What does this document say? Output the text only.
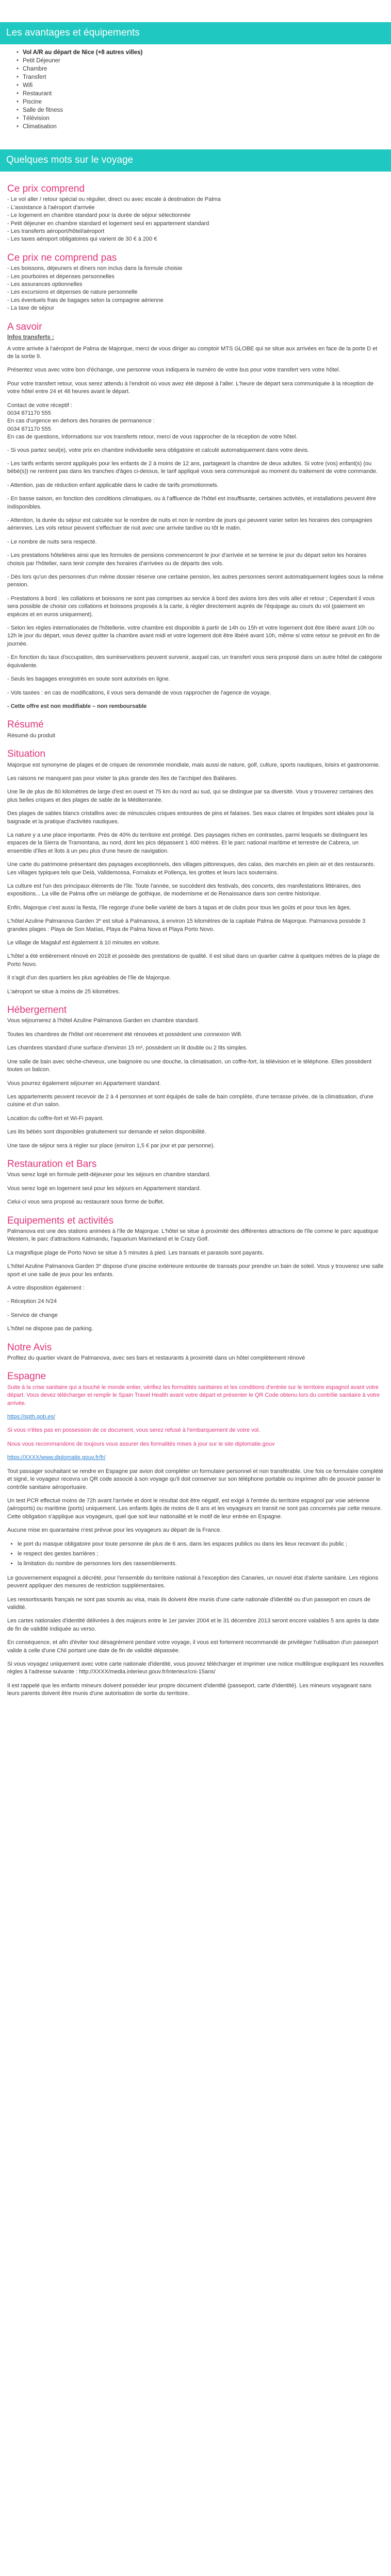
Les avantages et équipements
• Vol A/R au départ de Nice (+8 autres villes)
• Petit Déjeuner
• Chambre
• Transfert
• Wifi
• Restaurant
• Piscine
• Salle de fitness
• Télévision
• Climatisation
Quelques mots sur le voyage
Ce prix comprend
- Le vol aller / retour spécial ou régulier, direct ou avec escale à destination de Palma
- L'assistance à l'aéroport d'arrivée
- Le logement en chambre standard pour la durée de séjour sélectionnée
- Petit déjeuner en chambre standard et logement seul en appartement standard
- Les transferts aéroport/hôtel/aéroport
- Les taxes aéroport obligatoires qui varient de 30 € à 200 €
Ce prix ne comprend pas
- Les boissons, déjeuners et dîners non inclus dans la formule choisie
- Les pourboires et dépenses personnelles
- Les assurances optionnelles
- Les excursions et dépenses de nature personnelle
- Les éventuels frais de bagages selon la compagnie aérienne
- La taxe de séjour
A savoir
Infos transferts :

A votre arrivée à l'aéroport de Palma de Majorque, merci de vous diriger au comptoir MTS GLOBE qui se situe aux arrivées en face de la porte D et de la sortie 9.

Présentez vous avec votre bon d'échange, une personne vous indiquera le numéro de votre bus pour votre transfert vers votre hôtel.

Pour votre transfert retour, vous serez attendu à l'endroit où vous avez été déposé à l'aller. L'heure de départ sera communiquée à la réception de votre hôtel entre 24 et 48 heures avant le départ.

Contact de votre réceptif :
0034 871170 555
En cas d'urgence en dehors des horaires de permanence :
0034 871170 555
En cas de questions, informations sur vos transferts retour, merci de vous rapprocher de la réception de votre hôtel.

- Si vous partez seul(e), votre prix en chambre individuelle sera obligatoire et calculé automatiquement dans votre devis.

- Les tarifs enfants seront appliqués pour les enfants de 2 à moins de 12 ans, partageant la chambre de deux adultes. Si votre (vos) enfant(s) (ou bébé(s)) ne rentrent pas dans les tranches d'âges ci-dessus, le tarif appliqué vous sera communiqué au moment du traitement de votre commande.

- Attention, pas de réduction enfant applicable dans le cadre de tarifs promotionnels.

- En basse saison, en fonction des conditions climatiques, ou à l'affluence de l'hôtel est insuffisante, certaines activités, et installations peuvent être indisponibles.

- Attention, la durée du séjour est calculée sur le nombre de nuits et non le nombre de jours qui peuvent varier selon les horaires des compagnies aériennes. Les vols retour peuvent s'effectuer de nuit avec une arrivée tardive ou tôt le matin.

- Le nombre de nuits sera respecté.

- Les prestations hôtelières ainsi que les formules de pensions commenceront le jour d'arrivée et se termine le jour du départ selon les horaires choisis par l'hôtelier, sans tenir compte des horaires d'arrivées ou de départs des vols.

- Dès lors qu'un des personnes d'un même dossier réserve une certaine pension, les autres personnes seront automatiquement logées sous la même pension.

- Prestations à bord : les collations et boissons ne sont pas comprises au service à bord des avions lors des vols aller et retour ; Cependant il vous sera possible de choisir ces collations et boissons proposés à la carte, à régler directement auprès de l'équipage au cours du vol (paiement en espèces et en euros uniquement).

- Selon les règles internationales de l'hôtellerie, votre chambre est disponible à partir de 14h ou 15h et votre logement doit être libéré avant 10h ou 12h le jour du départ, vous devez quitter la chambre avant midi et votre logement doit être libéré avant 10h, même si votre retour se prévoit en fin de journée.

- En fonction du taux d'occupation, des surréservations peuvent survenir, auquel cas, un transfert vous sera proposé dans un autre hôtel de catégorie équivalente.

- Seuls les bagages enregistrés en soute sont autorisés en ligne.

- Vols taxées : en cas de modifications, il vous sera demandé de vous rapprocher de l'agence de voyage.

- Cette offre est non modifiable – non remboursable

Résumé

Résumé du produit

Situation

Majorque est synonyme de plages et de criques de renommée mondiale, mais aussi de nature, golf, culture, sports nautiques, loisirs et gastronomie.

Les raisons ne manquent pas pour visiter la plus grande des îles de l'archipel des Baléares.

Une île de plus de 80 kilomètres de large d'est en ouest et 75 km du nord au sud, qui se distingue par sa diversité. Vous y trouverez certaines des plus belles criques et des plages de sable de la Méditerranée.

Des plages de sables blancs cristallins avec de minuscules criques entourées de pins et falaises. Ses eaux claires et limpides sont idéales pour la baignade et la pratique d'activités nautiques.

La nature y a une place importante. Près de 40% du territoire est protégé. Des paysages riches en contrastes, parmi lesquels se distinguent les espaces de la Sierra de Tramontana, au nord, dont les pics dépassent 1 400 mètres. Et le parc national maritime et terrestre de Cabrera, un ensemble d'îles et îlots à un peu plus d'une heure de navigation.

Une carte du patrimoine présentant des paysages exceptionnels, des villages pittoresques, des calas, des marchés en plein air et des restaurants. Les villages typiques tels que Deià, Valldemossa, Fornalutx et Pollença, les grottes et leurs lacs souterrains.

La culture est l'un des principaux éléments de l'île. Toute l'année, se succèdent des festivals, des concerts, des manifestations littéraires, des expositions... La ville de Palma offre un mélange de gothique, de modernisme et de Renaissance dans son centre historique.

Enfin, Majorque c'est aussi la fiesta, l'île regorge d'une belle variété de bars à tapas et de clubs pour tous les goûts et pour tous les âges.

L'hôtel Azuline Palmanova Garden 3* est situé à Palmanova, à environ 15 kilomètres de la capitale Palma de Majorque. Palmanova possède 3 grandes plages : Playa de Son Matías, Playa de Palma Nova et Playa Porto Novo.

Le village de Magaluf est également à 10 minutes en voiture.

L'hôtel a été entièrement rénové en 2018 et possède des prestations de qualité. Il est situé dans un quartier calme à quelques mètres de la plage de Porto Novo.

Il s'agit d'un des quartiers les plus agréables de l'île de Majorque.

L'aéroport se situe à moins de 25 kilomètres.

Hébergement

Vous séjournerez à l'hôtel Azuline Palmanova Garden en chambre standard.

Toutes les chambres de l'hôtel ont récemment été rénovées et possèdent une connexion Wifi.

Les chambres standard d'une surface d'environ 15 m², possèdent un lit double ou 2 lits simples.

Une salle de bain avec sèche-cheveux, une baignoire ou une douche, la climatisation, un coffre-fort, la télévision et le téléphone. Elles possèdent toutes un balcon.

Vous pourrez également séjourner en Appartement standard.

Les appartements peuvent recevoir de 2 à 4 personnes et sont équipés de salle de bain complète, d'une terrasse privée, de la climatisation, d'une cuisine et d'un salon.

Location du coffre-fort et Wi-Fi payant.

Les lits bébés sont disponibles gratuitement sur demande et selon disponibilité.

Une taxe de séjour sera à régler sur place (environ 1,5 € par jour et par personne).

Restauration et Bars

Vous serez logé en formule petit-déjeuner pour les séjours en chambre standard.

Vous serez logé en logement seul pour les séjours en Appartement standard.

Celui-ci vous sera proposé au restaurant sous forme de buffet.

Equipements et activités

Palmanova est une des stations animées à l'île de Majorque. L'hôtel se situe à proximité des différentes attractions de l'île comme le parc aquatique Western, le parc d'attractions Katmandu, l'aquarium Marineland et le Crazy Golf.

La magnifique plage de Porto Novo se situe à 5 minutes à pied. Les transats et parasols sont payants.

L'hôtel Azuline Palmanova Garden 3* dispose d'une piscine extérieure entourée de transats pour prendre un bain de soleil. Vous y trouverez une salle sport et une salle de jeux pour les enfants.

A votre disposition également :

- Réception 24 h/24

- Service de change

L'hôtel ne dispose pas de parking.

Notre Avis

Profitez du quartier vivant de Palmanova, avec ses bars et restaurants à proximité dans un hôtel complètement rénové

Espagne

Suite à la crise sanitaire qui a touché le monde entier, vérifiez les formalités sanitaires et les conditions d'entrée sur le territoire espagnol avant votre départ. Vous devez télécharger et remplir le Spain Travel Health avant votre départ et présenter le QR Code obtenu lors du contrôle sanitaire à votre arrivée.

https://spth.gob.es/

Si vous n'êtes pas en possession de ce document, vous serez refusé à l'embarquement de votre vol.

Nous vous recommandons de toujours vous assurer des formalités mises à jour sur le site diplomatie.gouv

https://XXXX/www.diplomatie.gouv.fr/fr/

Tout passager souhaitant se rendre en Espagne par avion doit compléter un formulaire personnel et non transférable. Une fois ce formulaire complété et signé, le voyageur recevra un QR code associé à son voyage qu'il doit conserver sur son téléphone portable ou imprimer afin de pouvoir passer le contrôle sanitaire aéroportuaire.

Un test PCR effectué moins de 72h avant l'arrivée et dont le résultat doit être négatif, est exigé à l'entrée du territoire espagnol par voie aérienne (aéroports) ou maritime (ports) uniquement. Les enfants âgés de moins de 6 ans et les voyageurs en transit ne sont pas concernés par cette mesure. Cette obligation s'applique aux voyageurs, quel que soit leur nationalité et le motif de leur entrée en Espagne.

Aucune mise en quarantaine n'est prévue pour les voyageurs au départ de la France.

• le port du masque obligatoire pour toute personne de plus de 6 ans, dans les espaces publics ou dans les lieux recevant du public ;
• le respect des gestes barrières ;
• la limitation du nombre de personnes lors des rassemblements.

Le gouvernement espagnol a décrété, pour l'ensemble du territoire national à l'exception des Canaries, un nouvel état d'alerte sanitaire. Les régions peuvent appliquer des mesures de restriction supplémentaires.

Les ressortissants français ne sont pas soumis au visa, mais ils doivent être munis d'une carte nationale d'identité ou d'un passeport en cours de validité.

Les cartes nationales d'identité délivrées à des majeurs entre le 1er janvier 2004 et le 31 décembre 2013 seront encore valables 5 ans après la date de fin de validité indiquée au verso.

En conséquence, et afin d'éviter tout désagrément pendant votre voyage, il vous est fortement recommandé de privilégier l'utilisation d'un passeport valide à celle d'une CNI portant une date de fin de validité dépassée.

Si vous voyagez uniquement avec votre carte nationale d'identité, vous pouvez télécharger et imprimer une notice multilingue expliquant les nouvelles règles à l'adresse suivante : http://XXXX/media.interieur.gouv.fr/interieur/cni-15ans/

Il est rappelé que les enfants mineurs doivent posséder leur propre document d'identité (passeport, carte d'identité). Les mineurs voyageant sans leurs parents doivent être munis d'une autorisation de sortie du territoire.
